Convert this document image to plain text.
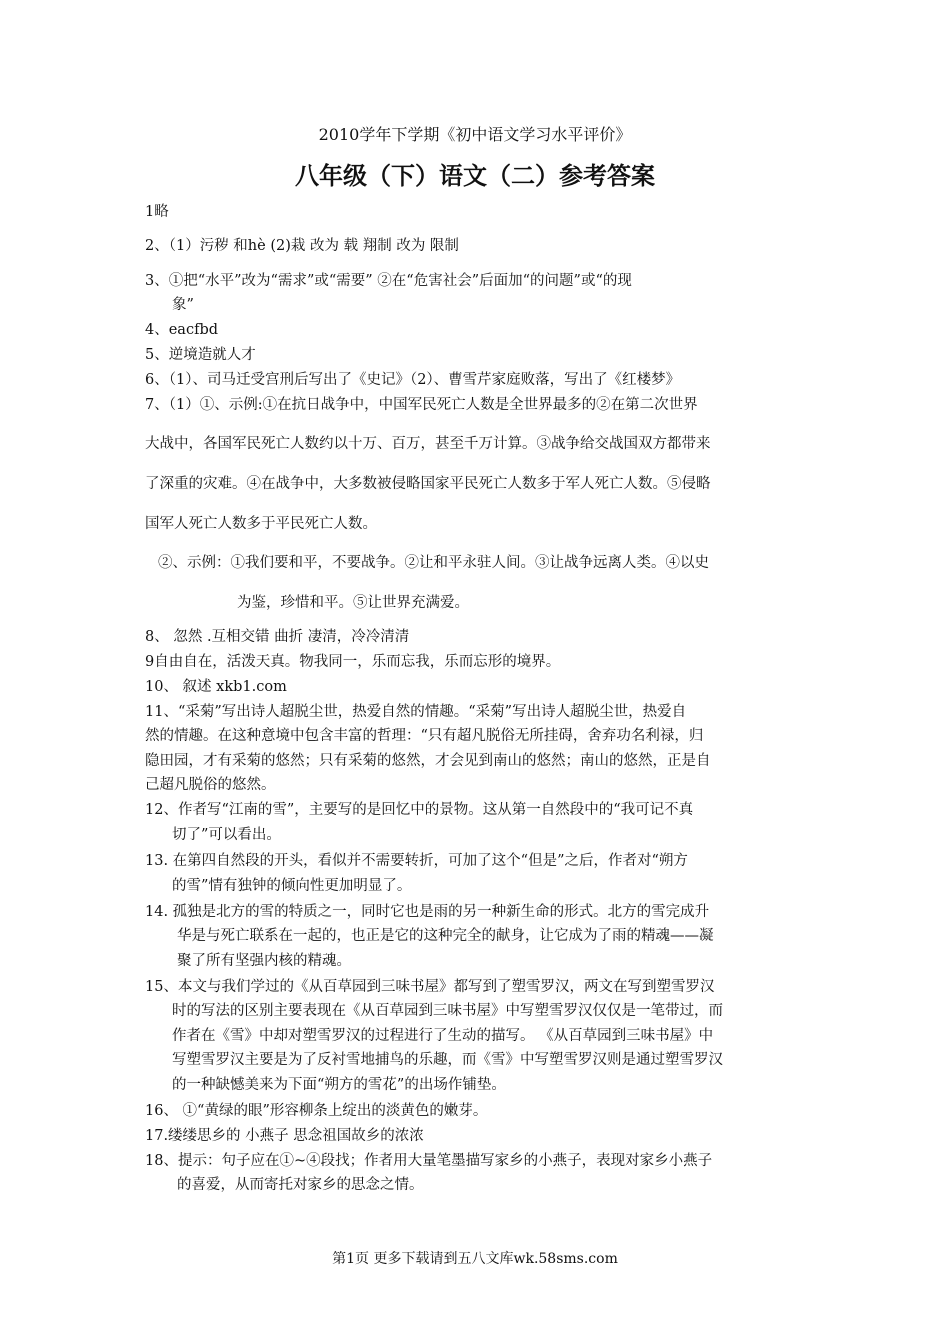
2010学年下学期《初中语文学习水平评价》
八年级（下）语文（二）参考答案
1略
2、（1）污秽 和hè (2)栽 改为 载 翔制 改为 限制
3、①把“水平”改为“需求”或“需要” ②在“危害社会”后面加“的问题”或“的现
象”
4、eacfbd
5、逆境造就人才
6、（1）、司马迁受宫刑后写出了《史记》（2）、曹雪芹家庭败落，写出了《红楼梦》
7、（1）①、示例:①在抗日战争中，中国军民死亡人数是全世界最多的②在第二次世界
大战中，各国军民死亡人数约以十万、百万，甚至千万计算。③战争给交战国双方都带来
了深重的灾难。④在战争中，大多数被侵略国家平民死亡人数多于军人死亡人数。⑤侵略
国军人死亡人数多于平民死亡人数。
②、示例：①我们要和平，不要战争。②让和平永驻人间。③让战争远离人类。④以史
为鉴，珍惜和平。⑤让世界充满爱。
8、 忽然 .互相交错 曲折 凄清，冷冷清清
9自由自在，活泼天真。物我同一，乐而忘我，乐而忘形的境界。
10、 叙述 xkb1.com
11、“采菊”写出诗人超脱尘世，热爱自然的情趣。“采菊”写出诗人超脱尘世，热爱自
然的情趣。在这种意境中包含丰富的哲理：“只有超凡脱俗无所挂碍，舍弃功名利禄，归
隐田园，才有采菊的悠然；只有采菊的悠然，才会见到南山的悠然；南山的悠然，正是自
己超凡脱俗的悠然。
12、作者写“江南的雪”，主要写的是回忆中的景物。这从第一自然段中的“我可记不真
切了”可以看出。
13. 在第四自然段的开头，看似并不需要转折，可加了这个“但是”之后，作者对“朔方
的雪”情有独钟的倾向性更加明显了。
14. 孤独是北方的雪的特质之一，同时它也是雨的另一种新生命的形式。北方的雪完成升
华是与死亡联系在一起的，也正是它的这种完全的献身，让它成为了雨的精魂——凝
聚了所有坚强内核的精魂。
15、本文与我们学过的《从百草园到三味书屋》都写到了塑雪罗汉，两文在写到塑雪罗汉
时的写法的区别主要表现在《从百草园到三味书屋》中写塑雪罗汉仅仅是一笔带过，而
作者在《雪》中却对塑雪罗汉的过程进行了生动的描写。 《从百草园到三味书屋》中
写塑雪罗汉主要是为了反衬雪地捕鸟的乐趣，而《雪》中写塑雪罗汉则是通过塑雪罗汉
的一种缺憾美来为下面“朔方的雪花”的出场作铺垫。
16、 ①“黄绿的眼”形容柳条上绽出的淡黄色的嫩芽。
17.缕缕思乡的 小燕子 思念祖国故乡的浓浓
18、提示：句子应在①~④段找；作者用大量笔墨描写家乡的小燕子，表现对家乡小燕子
的喜爱，从而寄托对家乡的思念之情。
第1页 更多下载请到五八文库wk.58sms.com
